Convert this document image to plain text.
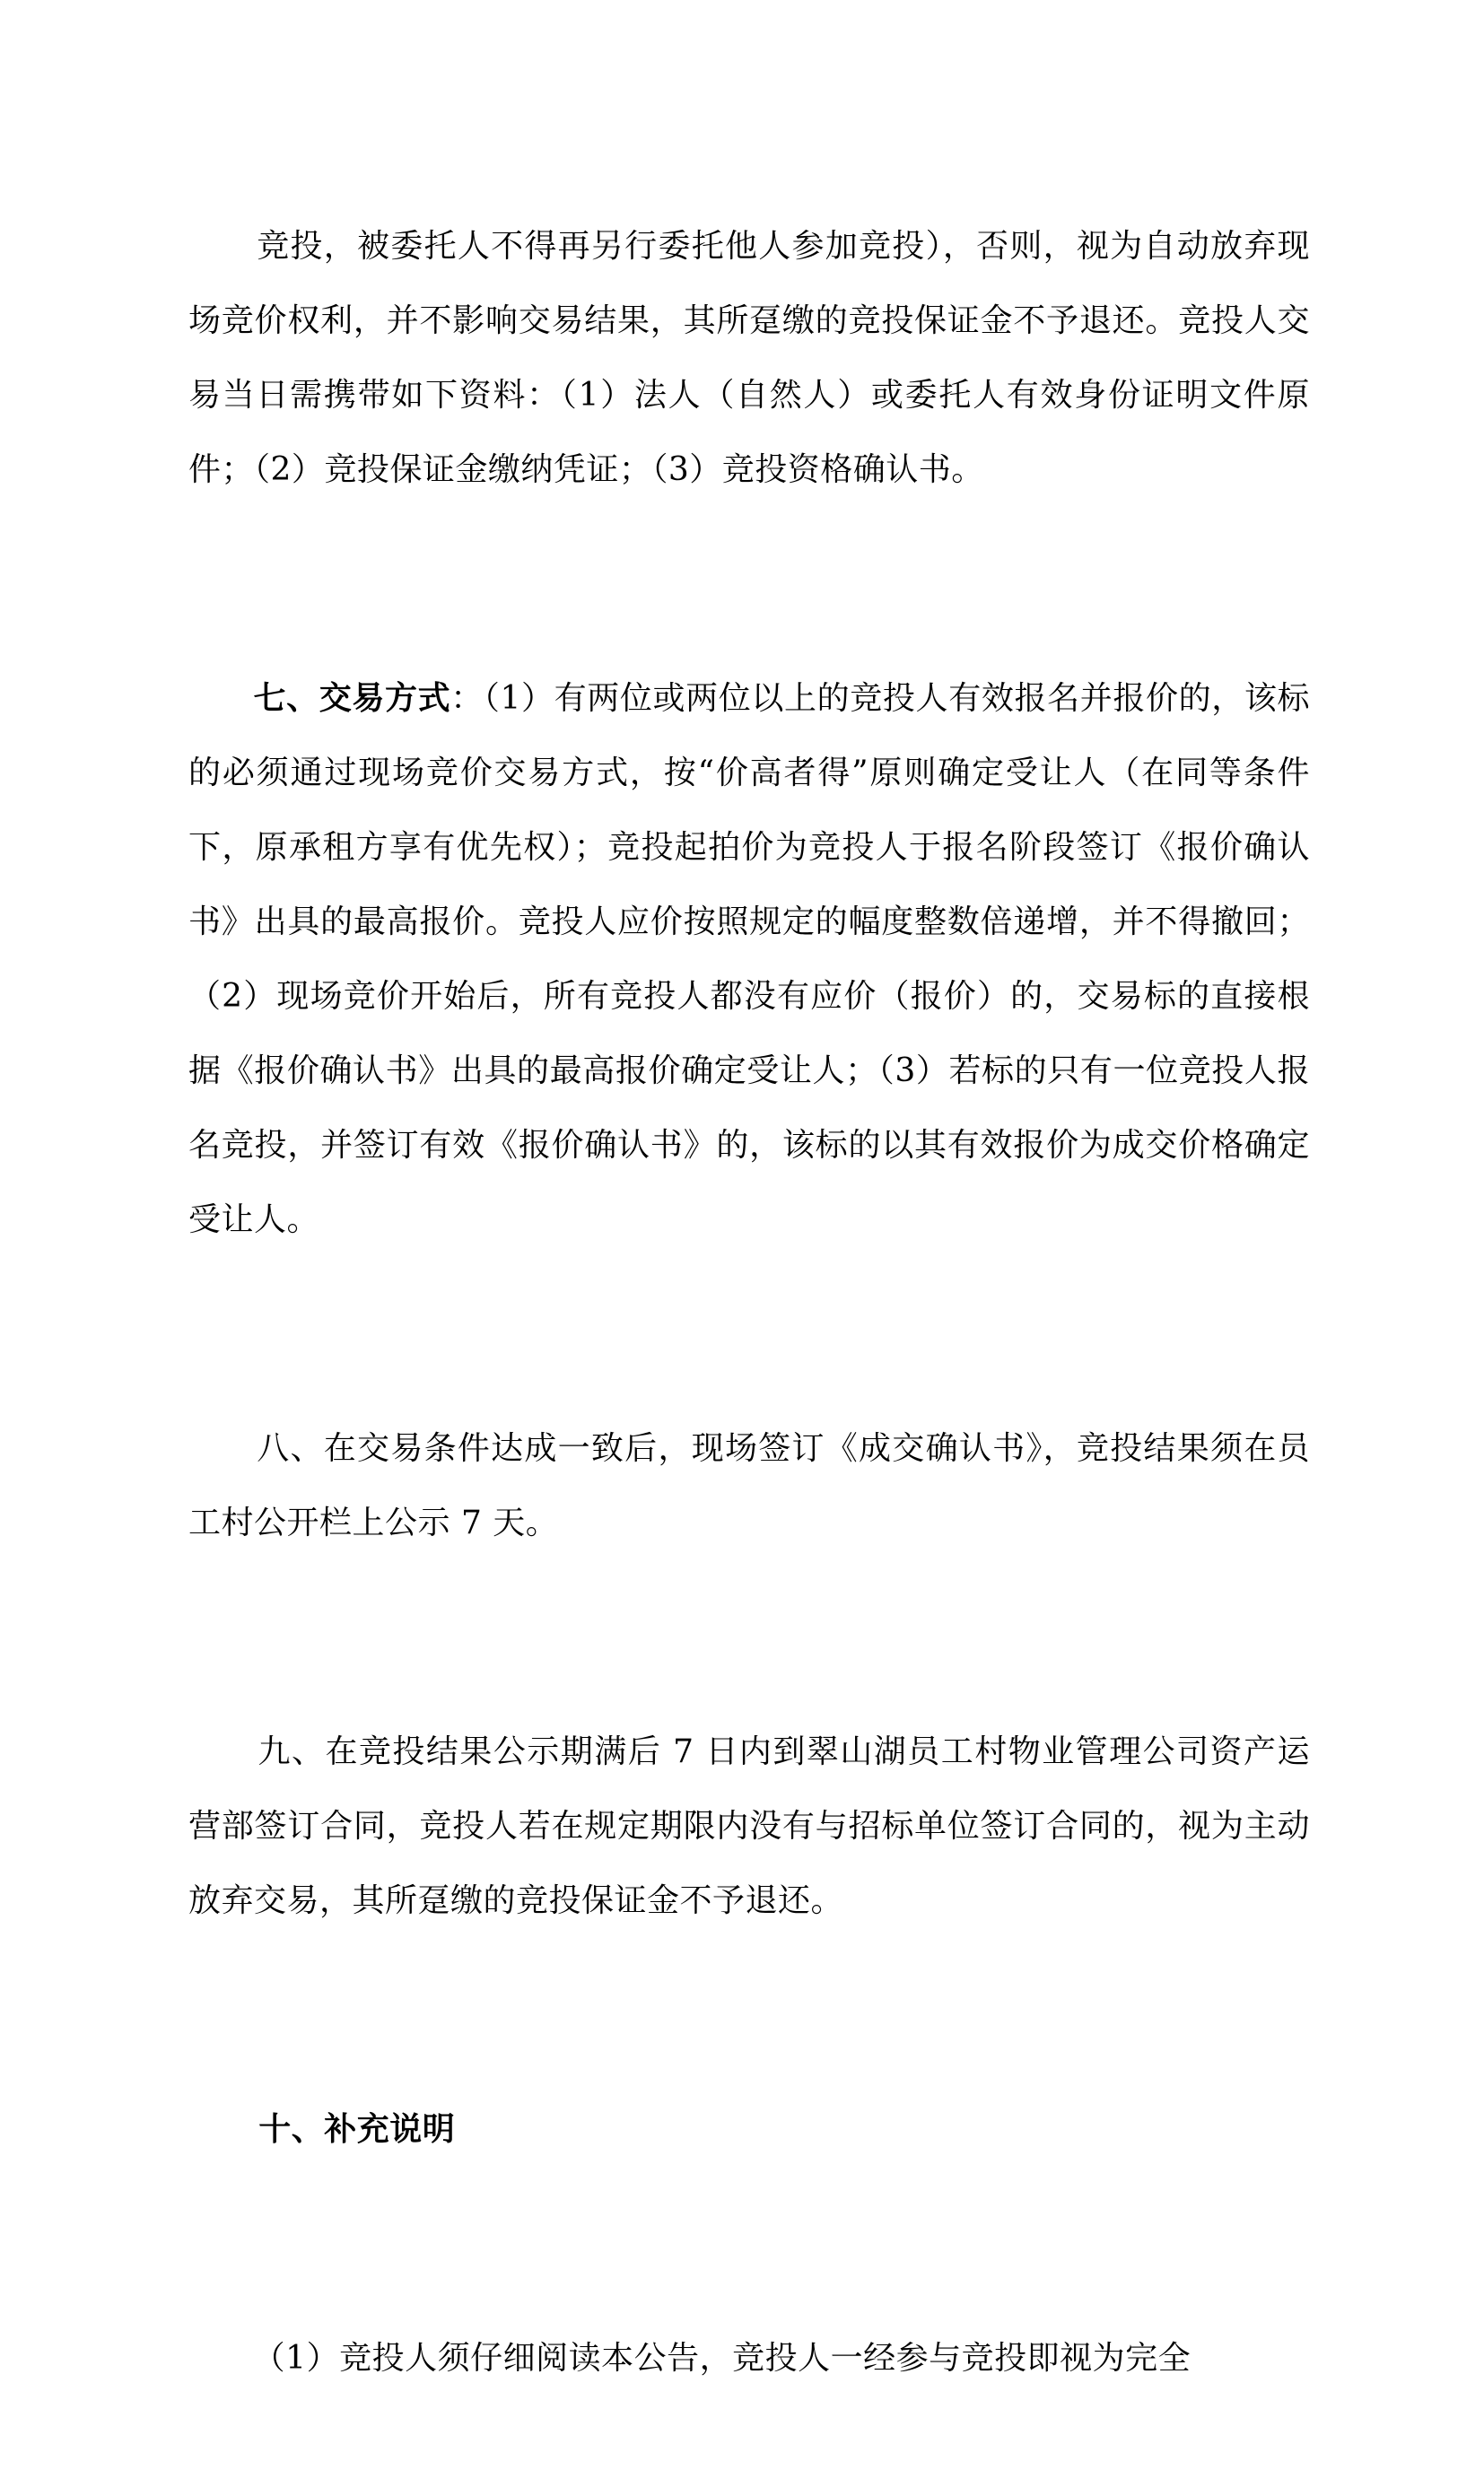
竞投，被委托人不得再另行委托他人参加竞投），否则，视为自动放弃现场竞价权利，并不影响交易结果，其所趸缴的竞投保证金不予退还。竞投人交易当日需携带如下资料：（1）法人（自然人）或委托人有效身份证明文件原件；（2）竞投保证金缴纳凭证；（3）竞投资格确认书。

七、交易方式：（1）有两位或两位以上的竞投人有效报名并报价的，该标的必须通过现场竞价交易方式，按“价高者得”原则确定受让人（在同等条件下，原承租方享有优先权）；竞投起拍价为竞投人于报名阶段签订《报价确认书》出具的最高报价。竞投人应价按照规定的幅度整数倍递增，并不得撤回；（2）现场竞价开始后，所有竞投人都没有应价（报价）的，交易标的直接根据《报价确认书》出具的最高报价确定受让人；（3）若标的只有一位竞投人报名竞投，并签订有效《报价确认书》的，该标的以其有效报价为成交价格确定受让人。

八、在交易条件达成一致后，现场签订《成交确认书》，竞投结果须在员工村公开栏上公示 7 天。

九、在竞投结果公示期满后 7 日内到翠山湖员工村物业管理公司资产运营部签订合同，竞投人若在规定期限内没有与招标单位签订合同的，视为主动放弃交易，其所趸缴的竞投保证金不予退还。

十、补充说明

（1）竞投人须仔细阅读本公告，竞投人一经参与竞投即视为完全
